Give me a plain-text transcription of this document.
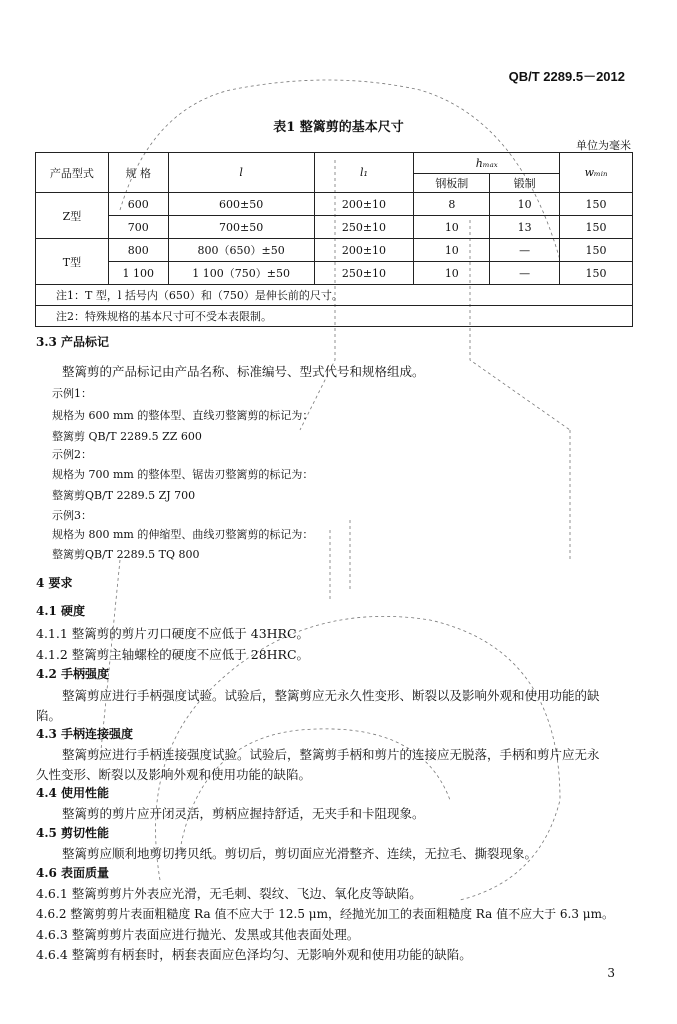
QB/T 2289.5－2012
表1 整篱剪的基本尺寸
单位为毫米
产品型式	规 格	l	l₁	hₘₐₓ		wₘᵢₙ
				钢板制	锻制	
Z型	600	600±50	200±10	8	10	150
	700	700±50	250±10	10	13	150
T型	800	800（650）±50	200±10	10	—	150
	1 100	1 100（750）±50	250±10	10	—	150
注1：T 型，l 括号内（650）和（750）是伸长前的尺寸。						
注2：特殊规格的基本尺寸可不受本表限制。						
3.3 产品标记
整篱剪的产品标记由产品名称、标准编号、型式代号和规格组成。
示例1：
规格为 600 mm 的整体型、直线刃整篱剪的标记为：
整篱剪 QB/T 2289.5 ZZ 600
示例2：
规格为 700 mm 的整体型、锯齿刃整篱剪的标记为：
整篱剪QB/T 2289.5 ZJ 700
示例3：
规格为 800 mm 的伸缩型、曲线刃整篱剪的标记为：
整篱剪QB/T 2289.5 TQ 800
4 要求
4.1 硬度
4.1.1 整篱剪的剪片刃口硬度不应低于 43HRC。
4.1.2 整篱剪主轴螺栓的硬度不应低于 28HRC。
4.2 手柄强度
整篱剪应进行手柄强度试验。试验后，整篱剪应无永久性变形、断裂以及影响外观和使用功能的缺
陷。
4.3 手柄连接强度
整篱剪应进行手柄连接强度试验。试验后，整篱剪手柄和剪片的连接应无脱落，手柄和剪片应无永
久性变形、断裂以及影响外观和使用功能的缺陷。
4.4 使用性能
整篱剪的剪片应开闭灵活，剪柄应握持舒适，无夹手和卡阻现象。
4.5 剪切性能
整篱剪应顺利地剪切拷贝纸。剪切后，剪切面应光滑整齐、连续，无拉毛、撕裂现象。
4.6 表面质量
4.6.1 整篱剪剪片外表应光滑，无毛刺、裂纹、飞边、氧化皮等缺陷。
4.6.2 整篱剪剪片表面粗糙度 Ra 值不应大于 12.5 μm，经抛光加工的表面粗糙度 Ra 值不应大于 6.3 μm。
4.6.3 整篱剪剪片表面应进行抛光、发黑或其他表面处理。
4.6.4 整篱剪有柄套时，柄套表面应色泽均匀、无影响外观和使用功能的缺陷。
3
